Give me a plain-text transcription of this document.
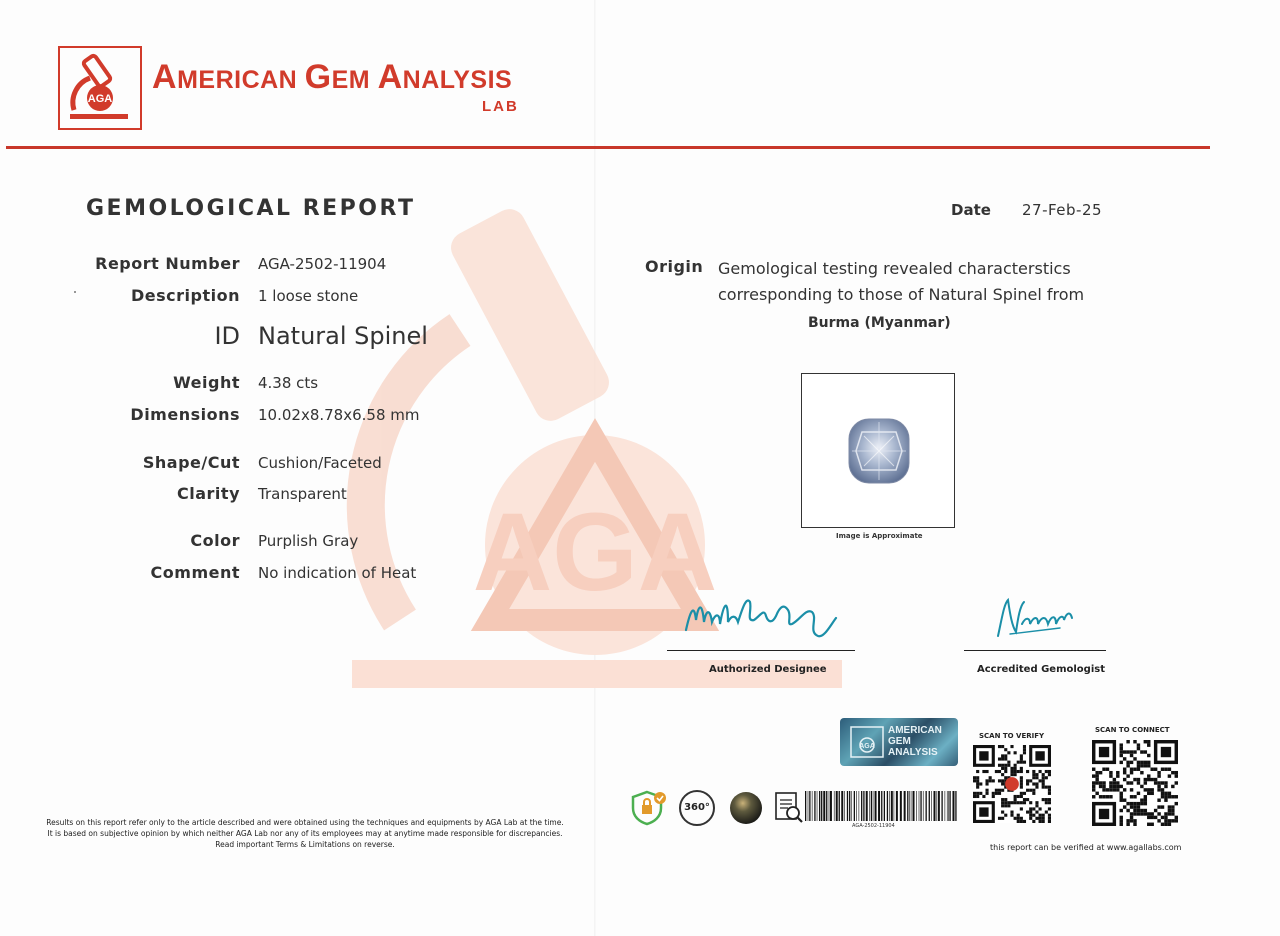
AGA
AMERICAN GEM ANALYSIS
LAB
AGA
GEMOLOGICAL REPORT
Report Number AGA-2502-11904
Description 1 loose stone
ID Natural Spinel
Weight 4.38 cts
Dimensions 10.02x8.78x6.58 mm
Shape/Cut Cushion/Faceted
Clarity Transparent
Color Purplish Gray
Comment No indication of Heat
Date 27-Feb-25
Origin Gemological testing revealed characterstics corresponding to those of Natural Spinel from
Burma (Myanmar)
Image is Approximate
Authorized Designee	Accredited Gemologist
AGA
AMERICAN
GEM
ANALYSIS
SCAN TO VERIFY
SCAN TO CONNECT
360°
AGA-2502-11904
this report can be verified at www.agallabs.com
Results on this report refer only to the article described and were obtained using the techniques and equipments by AGA Lab at the time.
It is based on subjective opinion by which neither AGA Lab nor any of its employees may at anytime made responsible for discrepancies.
Read important Terms & Limitations on reverse.
